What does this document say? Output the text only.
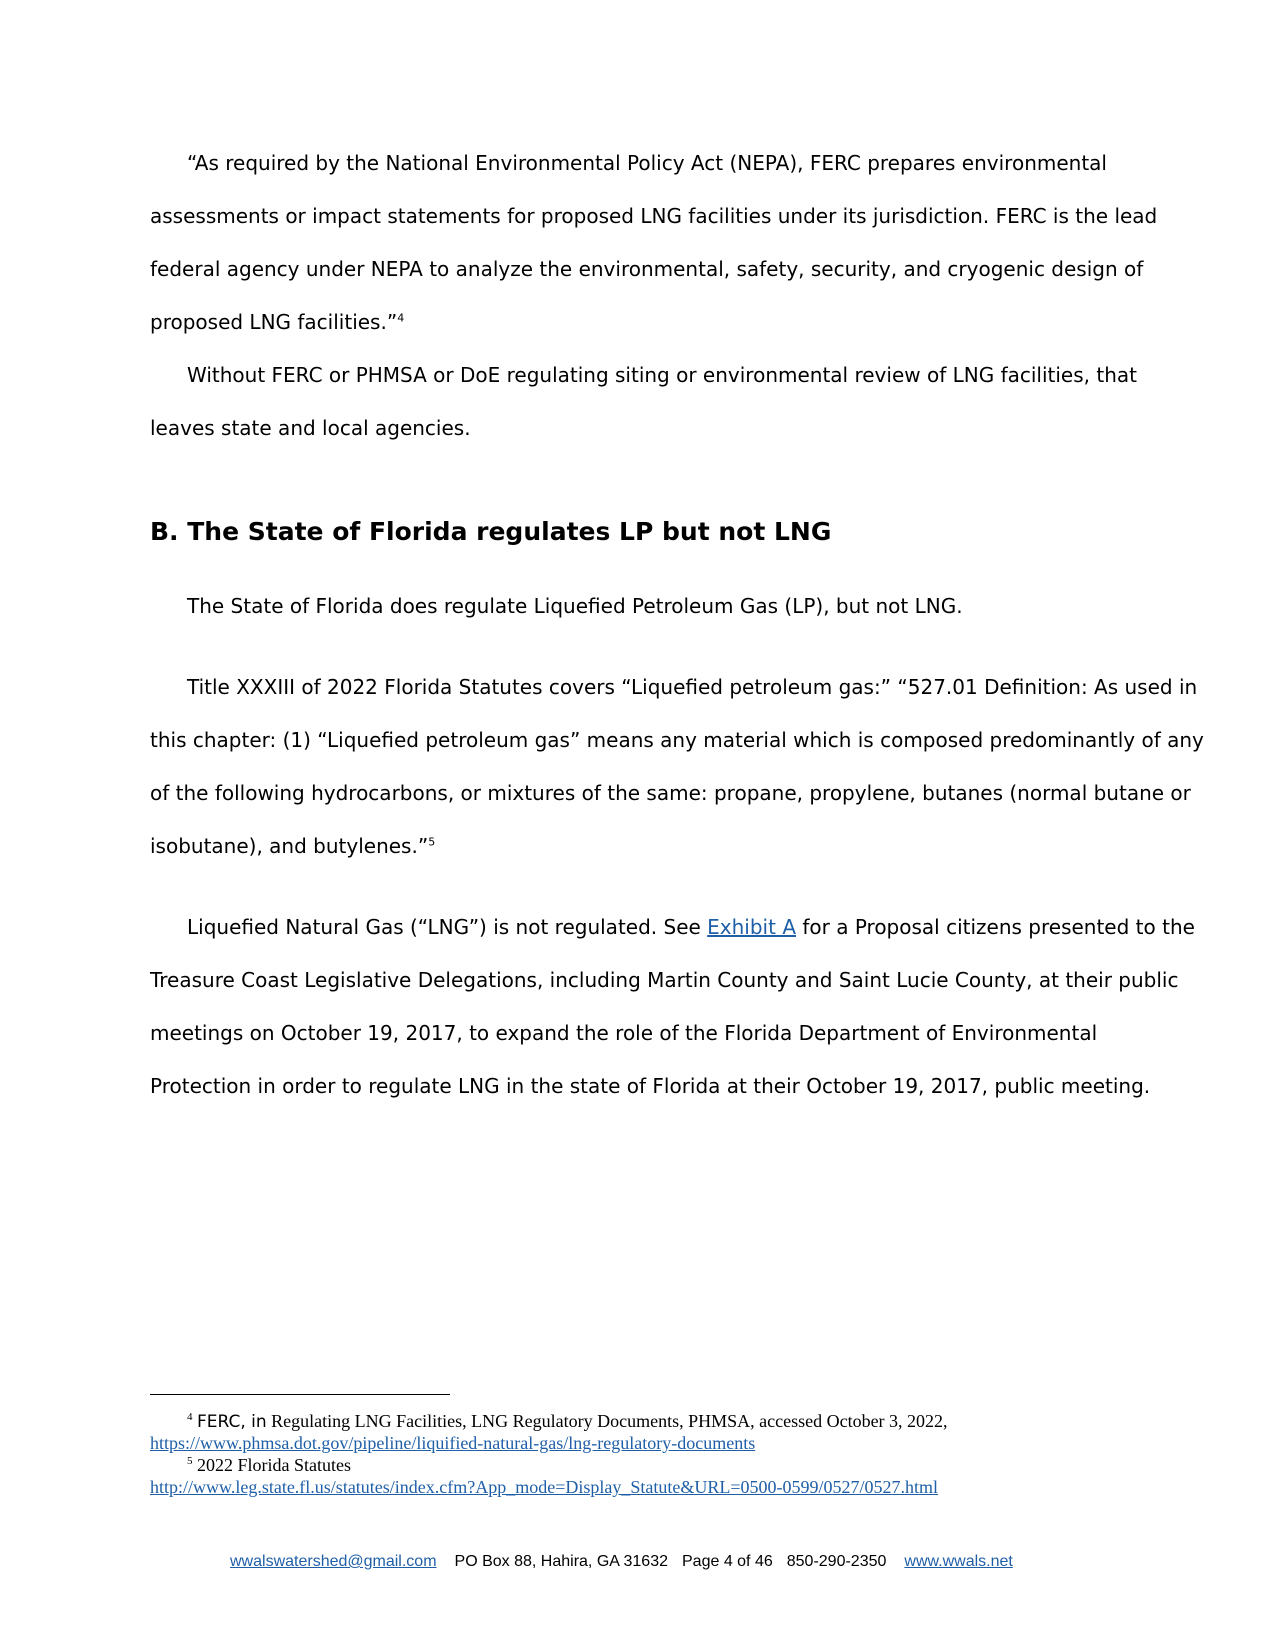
“As required by the National Environmental Policy Act (NEPA), FERC prepares environmental

assessments or impact statements for proposed LNG facilities under its jurisdiction. FERC is the lead

federal agency under NEPA to analyze the environmental, safety, security, and cryogenic design of

proposed LNG facilities.”$^4$

Without FERC or PHMSA or DoE regulating siting or environmental review of LNG facilities, that

leaves state and local agencies.

B. The State of Florida regulates LP but not LNG

The State of Florida does regulate Liquefied Petroleum Gas (LP), but not LNG.

Title XXXIII of 2022 Florida Statutes covers “Liquefied petroleum gas:” “527.01 Definition: As used in

this chapter: (1) “Liquefied petroleum gas” means any material which is composed predominantly of any

of the following hydrocarbons, or mixtures of the same: propane, propylene, butanes (normal butane or

isobutane), and butylenes.”$^5$

Liquefied Natural Gas (“LNG”) is not regulated. See Exhibit A for a Proposal citizens presented to the

Treasure Coast Legislative Delegations, including Martin County and Saint Lucie County, at their public

meetings on October 19, 2017, to expand the role of the Florida Department of Environmental

Protection in order to regulate LNG in the state of Florida at their October 19, 2017, public meeting.

$^4$ FERC, in Regulating LNG Facilities, LNG Regulatory Documents, PHMSA, accessed October 3, 2022,

https://www.phmsa.dot.gov/pipeline/liquified-natural-gas/lng-regulatory-documents

$^5$ 2022 Florida Statutes

http://www.leg.state.fl.us/statutes/index.cfm?App_mode=Display_Statute&URL=0500-0599/0527/0527.html
wwalswatershed@gmail.com PO Box 88, Hahira, GA 31632 Page 4 of 46 850-290-2350 www.wwals.net
